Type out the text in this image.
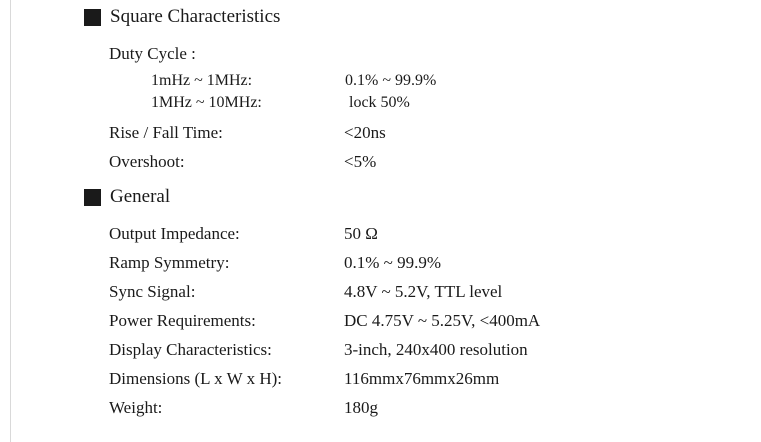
Square Characteristics
Duty Cycle :
1mHz ~ 1MHz:	0.1% ~ 99.9%
1MHz ~ 10MHz:	lock 50%
Rise / Fall Time:	<20ns
Overshoot:	<5%
General
Output Impedance:	50 Ω
Ramp Symmetry:	0.1% ~ 99.9%
Sync Signal:	4.8V ~ 5.2V, TTL level
Power Requirements:	DC 4.75V ~ 5.25V, <400mA
Display Characteristics:	3-inch, 240x400 resolution
Dimensions (L x W x H):	116mmx76mmx26mm
Weight:	180g
